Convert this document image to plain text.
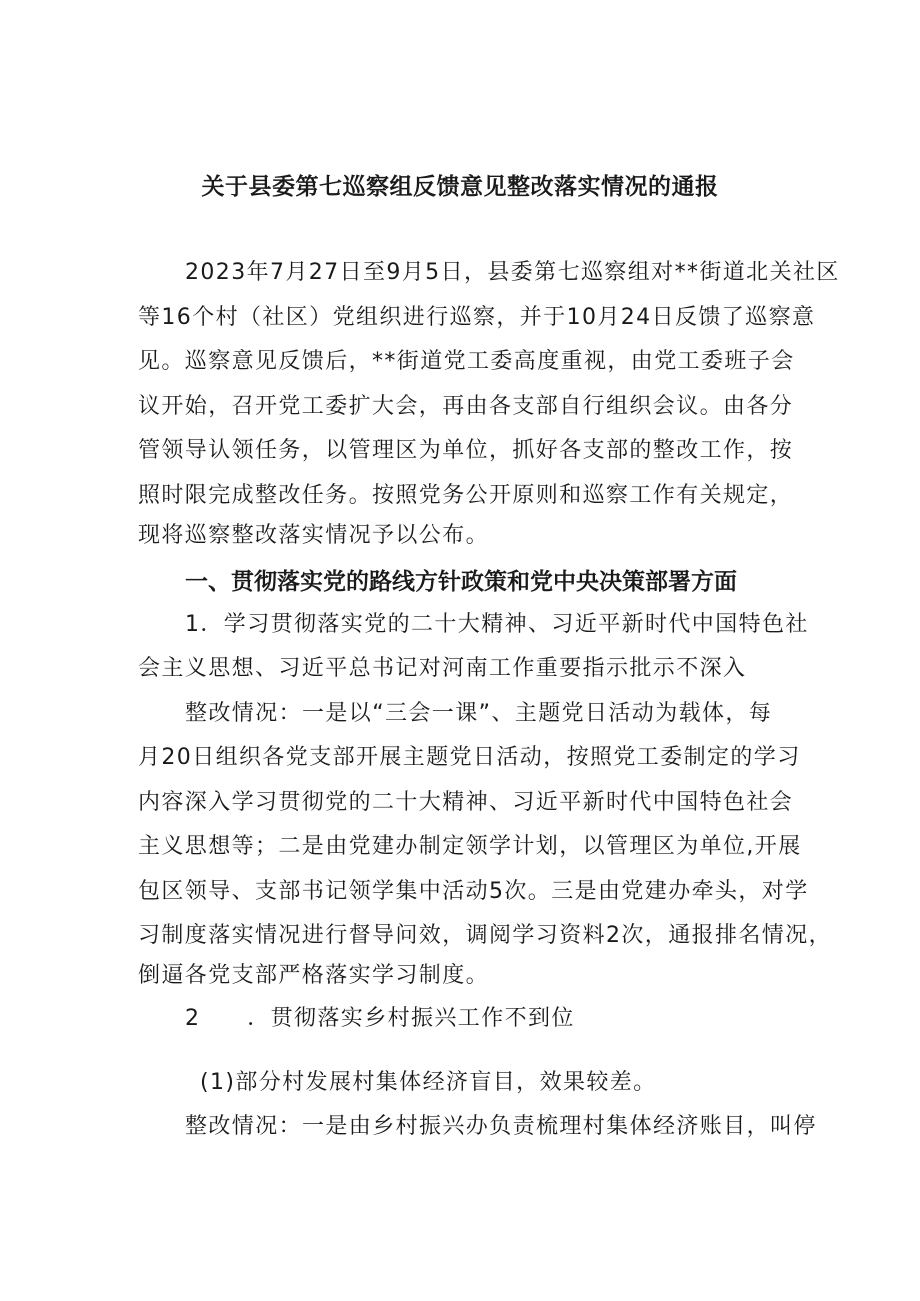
关于县委第七巡察组反馈意见整改落实情况的通报
2023年7月27日至9月5日，县委第七巡察组对**街道北关社区
等16个村（社区）党组织进行巡察，并于10月24日反馈了巡察意
见。巡察意见反馈后，**街道党工委高度重视，由党工委班子会
议开始，召开党工委扩大会，再由各支部自行组织会议。由各分
管领导认领任务，以管理区为单位，抓好各支部的整改工作，按
照时限完成整改任务。按照党务公开原则和巡察工作有关规定，
现将巡察整改落实情况予以公布。
一、贯彻落实党的路线方针政策和党中央决策部署方面
1．学习贯彻落实党的二十大精神、习近平新时代中国特色社
会主义思想、习近平总书记对河南工作重要指示批示不深入
整改情况：一是以“三会一课”、主题党日活动为载体，每
月20日组织各党支部开展主题党日活动，按照党工委制定的学习
内容深入学习贯彻党的二十大精神、习近平新时代中国特色社会
主义思想等；二是由党建办制定领学计划，以管理区为单位,开展
包区领导、支部书记领学集中活动5次。三是由党建办牵头，对学
习制度落实情况进行督导问效，调阅学习资料2次，通报排名情况，
倒逼各党支部严格落实学习制度。
2　　．贯彻落实乡村振兴工作不到位
(1)部分村发展村集体经济盲目，效果较差。
整改情况：一是由乡村振兴办负责梳理村集体经济账目，叫停
